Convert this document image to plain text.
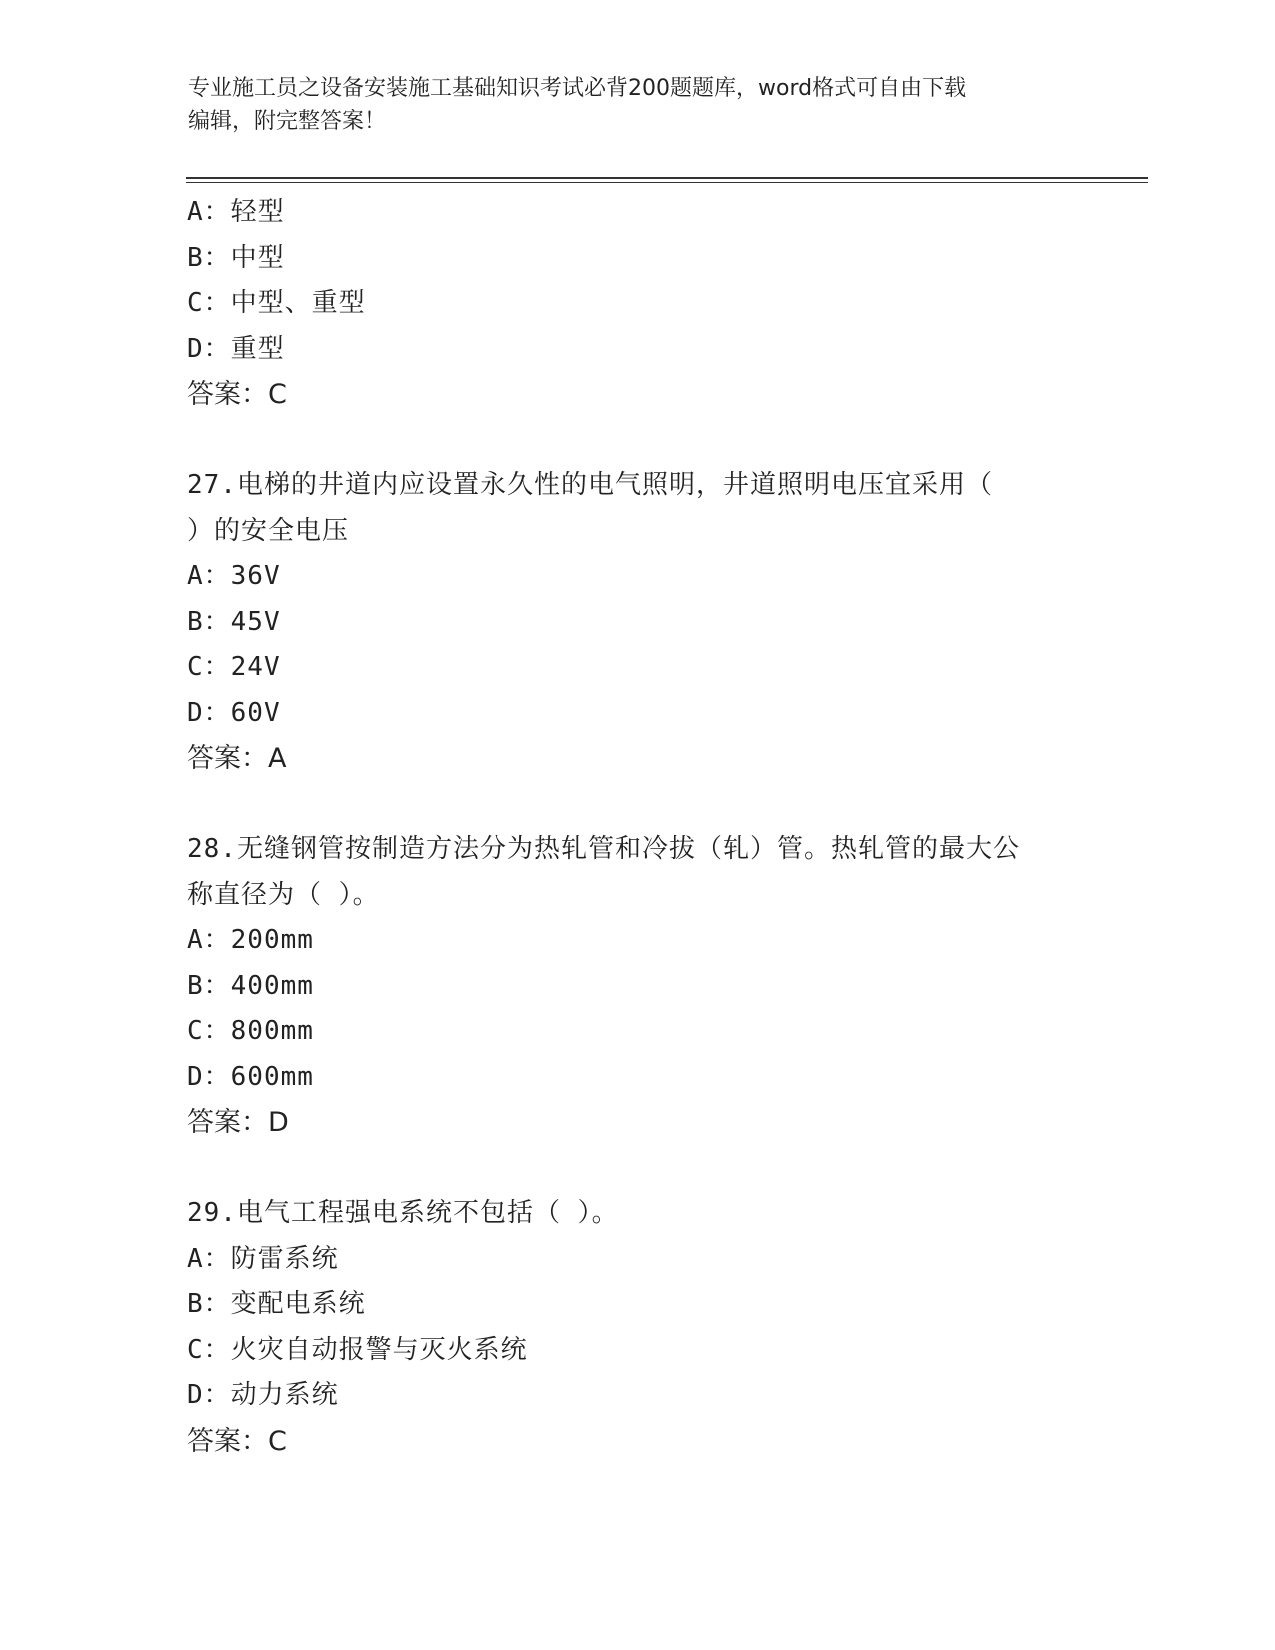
专业施工员之设备安装施工基础知识考试必背200题题库，word格式可自由下载
编辑，附完整答案！
A：轻型
B：中型
C：中型、重型
D：重型
答案：C
27.电梯的井道内应设置永久性的电气照明，井道照明电压宜采用（
）的安全电压
A：36V
B：45V
C：24V
D：60V
答案：A
28.无缝钢管按制造方法分为热轧管和冷拔（轧）管。热轧管的最大公
称直径为（ ）。
A：200mm
B：400mm
C：800mm
D：600mm
答案：D
29.电气工程强电系统不包括（ ）。
A：防雷系统
B：变配电系统
C：火灾自动报警与灭火系统
D：动力系统
答案：C
